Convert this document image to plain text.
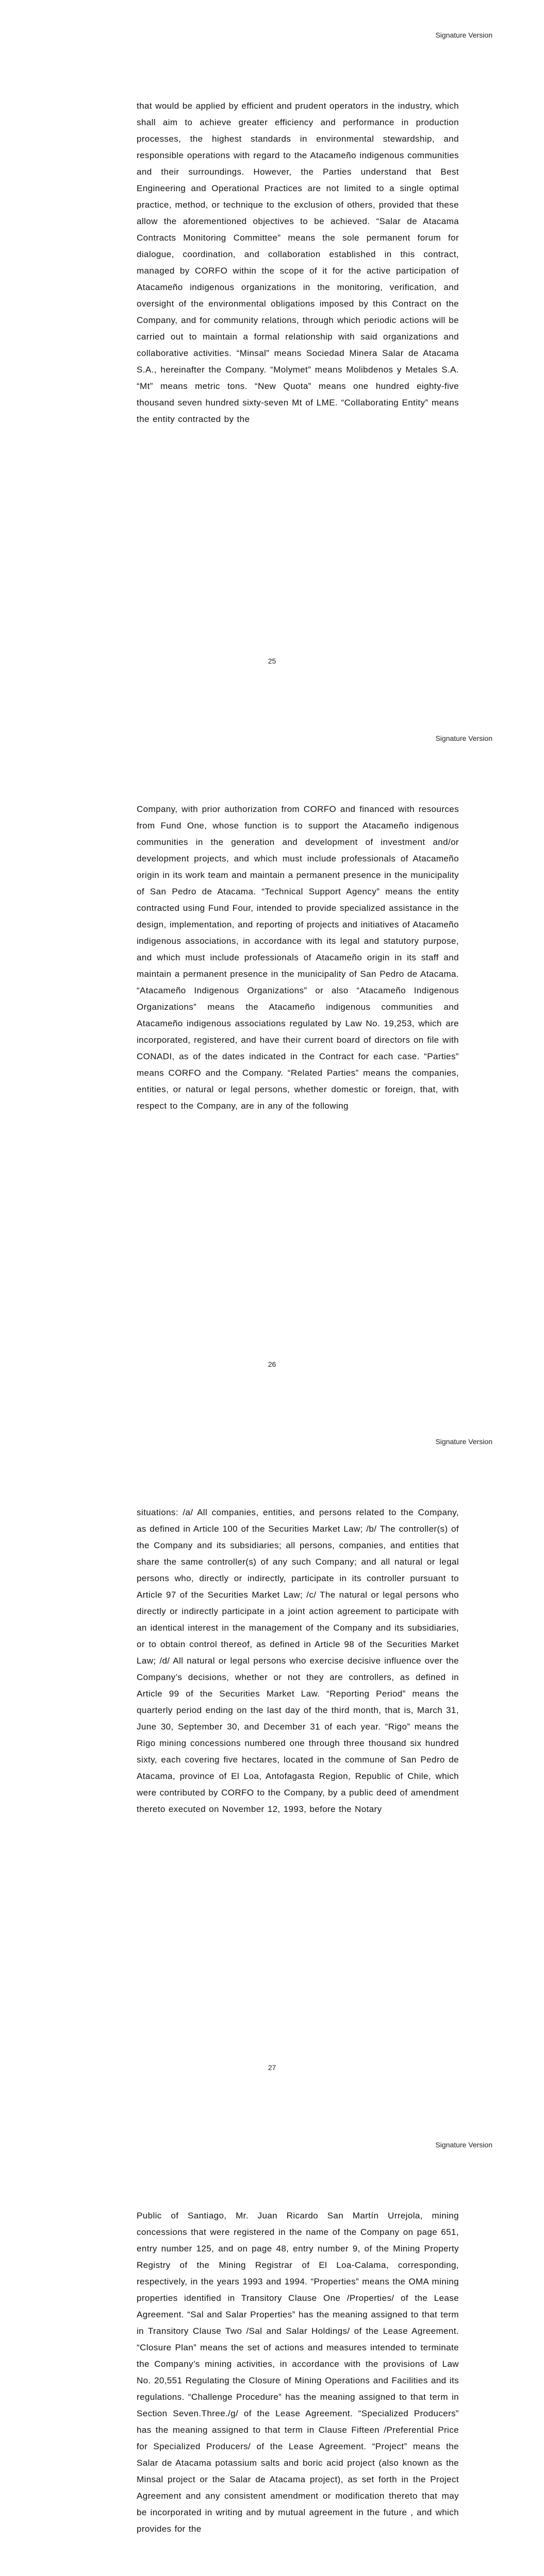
Signature Version

that would be applied by efficient and prudent operators in the industry, which shall aim to achieve greater efficiency and performance in production processes, the highest standards in environmental stewardship, and responsible operations with regard to the Atacameño indigenous communities and their surroundings. However, the Parties understand that Best Engineering and Operational Practices are not limited to a single optimal practice, method, or technique to the exclusion of others, provided that these allow the aforementioned objectives to be achieved. “Salar de Atacama Contracts Monitoring Committee” means the sole permanent forum for dialogue, coordination, and collaboration established in this contract, managed by CORFO within the scope of it for the active participation of Atacameño indigenous organizations in the monitoring, verification, and oversight of the environmental obligations imposed by this Contract on the Company, and for community relations, through which periodic actions will be carried out to maintain a formal relationship with said organizations and collaborative activities. “Minsal” means Sociedad Minera Salar de Atacama S.A., hereinafter the Company. “Molymet” means Molibdenos y Metales S.A. “Mt” means metric tons. “New Quota” means one hundred eighty-five thousand seven hundred sixty-seven Mt of LME. “Collaborating Entity” means the entity contracted by the

25
Signature Version

Company, with prior authorization from CORFO and financed with resources from Fund One, whose function is to support the Atacameño indigenous communities in the generation and development of investment and/or development projects, and which must include professionals of Atacameño origin in its work team and maintain a permanent presence in the municipality of San Pedro de Atacama. “Technical Support Agency” means the entity contracted using Fund Four, intended to provide specialized assistance in the design, implementation, and reporting of projects and initiatives of Atacameño indigenous associations, in accordance with its legal and statutory purpose, and which must include professionals of Atacameño origin in its staff and maintain a permanent presence in the municipality of San Pedro de Atacama. “Atacameño Indigenous Organizations” or also “Atacameño Indigenous Organizations” means the Atacameño indigenous communities and Atacameño indigenous associations regulated by Law No. 19,253, which are incorporated, registered, and have their current board of directors on file with CONADI, as of the dates indicated in the Contract for each case. “Parties” means CORFO and the Company. “Related Parties” means the companies, entities, or natural or legal persons, whether domestic or foreign, that, with respect to the Company, are in any of the following

26
Signature Version

situations: /a/ All companies, entities, and persons related to the Company, as defined in Article 100 of the Securities Market Law; /b/ The controller(s) of the Company and its subsidiaries; all persons, companies, and entities that share the same controller(s) of any such Company; and all natural or legal persons who, directly or indirectly, participate in its controller pursuant to Article 97 of the Securities Market Law; /c/ The natural or legal persons who directly or indirectly participate in a joint action agreement to participate with an identical interest in the management of the Company and its subsidiaries, or to obtain control thereof, as defined in Article 98 of the Securities Market Law; /d/ All natural or legal persons who exercise decisive influence over the Company’s decisions, whether or not they are controllers, as defined in Article 99 of the Securities Market Law. “Reporting Period” means the quarterly period ending on the last day of the third month, that is, March 31, June 30, September 30, and December 31 of each year. “Rigo” means the Rigo mining concessions numbered one through three thousand six hundred sixty, each covering five hectares, located in the commune of San Pedro de Atacama, province of El Loa, Antofagasta Region, Republic of Chile, which were contributed by CORFO to the Company, by a public deed of amendment thereto executed on November 12, 1993, before the Notary

27
Signature Version

Public of Santiago, Mr. Juan Ricardo San Martín Urrejola, mining concessions that were registered in the name of the Company on page 651, entry number 125, and on page 48, entry number 9, of the Mining Property Registry of the Mining Registrar of El Loa-Calama, corresponding, respectively, in the years 1993 and 1994. “Properties” means the OMA mining properties identified in Transitory Clause One /Properties/ of the Lease Agreement. “Sal and Salar Properties” has the meaning assigned to that term in Transitory Clause Two /Sal and Salar Holdings/ of the Lease Agreement. “Closure Plan” means the set of actions and measures intended to terminate the Company’s mining activities, in accordance with the provisions of Law No. 20,551 Regulating the Closure of Mining Operations and Facilities and its regulations. “Challenge Procedure” has the meaning assigned to that term in Section Seven.Three./g/ of the Lease Agreement. “Specialized Producers” has the meaning assigned to that term in Clause Fifteen /Preferential Price for Specialized Producers/ of the Lease Agreement. “Project” means the Salar de Atacama potassium salts and boric acid project (also known as the Minsal project or the Salar de Atacama project), as set forth in the Project Agreement and any consistent amendment or modification thereto that may be incorporated in writing and by mutual agreement in the future , and which provides for the
